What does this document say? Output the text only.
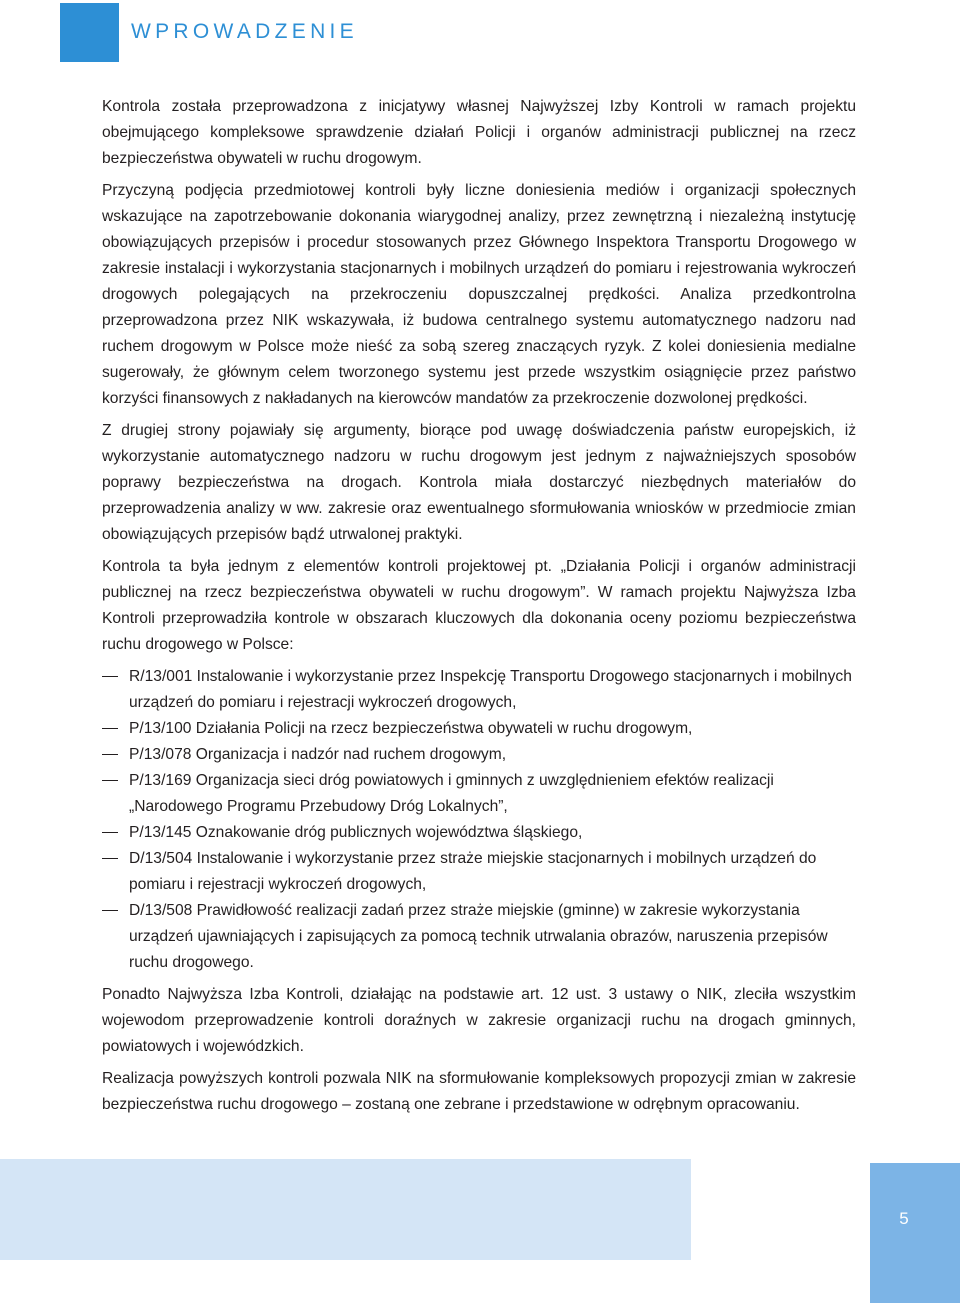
WPROWADZENIE

Kontrola została przeprowadzona z inicjatywy własnej Najwyższej Izby Kontroli w ramach projektu obejmującego kompleksowe sprawdzenie działań Policji i organów administracji publicznej na rzecz bezpieczeństwa obywateli w ruchu drogowym.

Przyczyną podjęcia przedmiotowej kontroli były liczne doniesienia mediów i organizacji społecznych wskazujące na zapotrzebowanie dokonania wiarygodnej analizy, przez zewnętrzną i niezależną instytucję obowiązujących przepisów i procedur stosowanych przez Głównego Inspektora Transportu Drogowego w zakresie instalacji i wykorzystania stacjonarnych i mobilnych urządzeń do pomiaru i rejestrowania wykroczeń drogowych polegających na przekroczeniu dopuszczalnej prędkości. Analiza przedkontrolna przeprowadzona przez NIK wskazywała, iż budowa centralnego systemu automatycznego nadzoru nad ruchem drogowym w Polsce może nieść za sobą szereg znaczących ryzyk. Z kolei doniesienia medialne sugerowały, że głównym celem tworzonego systemu jest przede wszystkim osiągnięcie przez państwo korzyści finansowych z nakładanych na kierowców mandatów za przekroczenie dozwolonej prędkości.

Z drugiej strony pojawiały się argumenty, biorące pod uwagę doświadczenia państw europejskich, iż wykorzystanie automatycznego nadzoru w ruchu drogowym jest jednym z najważniejszych sposobów poprawy bezpieczeństwa na drogach. Kontrola miała dostarczyć niezbędnych materiałów do przeprowadzenia analizy w ww. zakresie oraz ewentualnego sformułowania wniosków w przedmiocie zmian obowiązujących przepisów bądź utrwalonej praktyki.

Kontrola ta była jednym z elementów kontroli projektowej pt. „Działania Policji i organów administracji publicznej na rzecz bezpieczeństwa obywateli w ruchu drogowym”. W ramach projektu Najwyższa Izba Kontroli przeprowadziła kontrole w obszarach kluczowych dla dokonania oceny poziomu bezpieczeństwa ruchu drogowego w Polsce:

R/13/001 Instalowanie i wykorzystanie przez Inspekcję Transportu Drogowego stacjonarnych i mobilnych urządzeń do pomiaru i rejestracji wykroczeń drogowych,
P/13/100 Działania Policji na rzecz bezpieczeństwa obywateli w ruchu drogowym,
P/13/078 Organizacja i nadzór nad ruchem drogowym,
P/13/169 Organizacja sieci dróg powiatowych i gminnych z uwzględnieniem efektów realizacji „Narodowego Programu Przebudowy Dróg Lokalnych”,
P/13/145 Oznakowanie dróg publicznych województwa śląskiego,
D/13/504 Instalowanie i wykorzystanie przez straże miejskie stacjonarnych i mobilnych urządzeń do pomiaru i rejestracji wykroczeń drogowych,
D/13/508 Prawidłowość realizacji zadań przez straże miejskie (gminne) w zakresie wykorzystania urządzeń ujawniających i zapisujących za pomocą technik utrwalania obrazów, naruszenia przepisów ruchu drogowego.

Ponadto Najwyższa Izba Kontroli, działając na podstawie art. 12 ust. 3 ustawy o NIK, zleciła wszystkim wojewodom przeprowadzenie kontroli doraźnych w zakresie organizacji ruchu na drogach gminnych, powiatowych i wojewódzkich.

Realizacja powyższych kontroli pozwala NIK na sformułowanie kompleksowych propozycji zmian w zakresie bezpieczeństwa ruchu drogowego – zostaną one zebrane i przedstawione w odrębnym opracowaniu.

5
